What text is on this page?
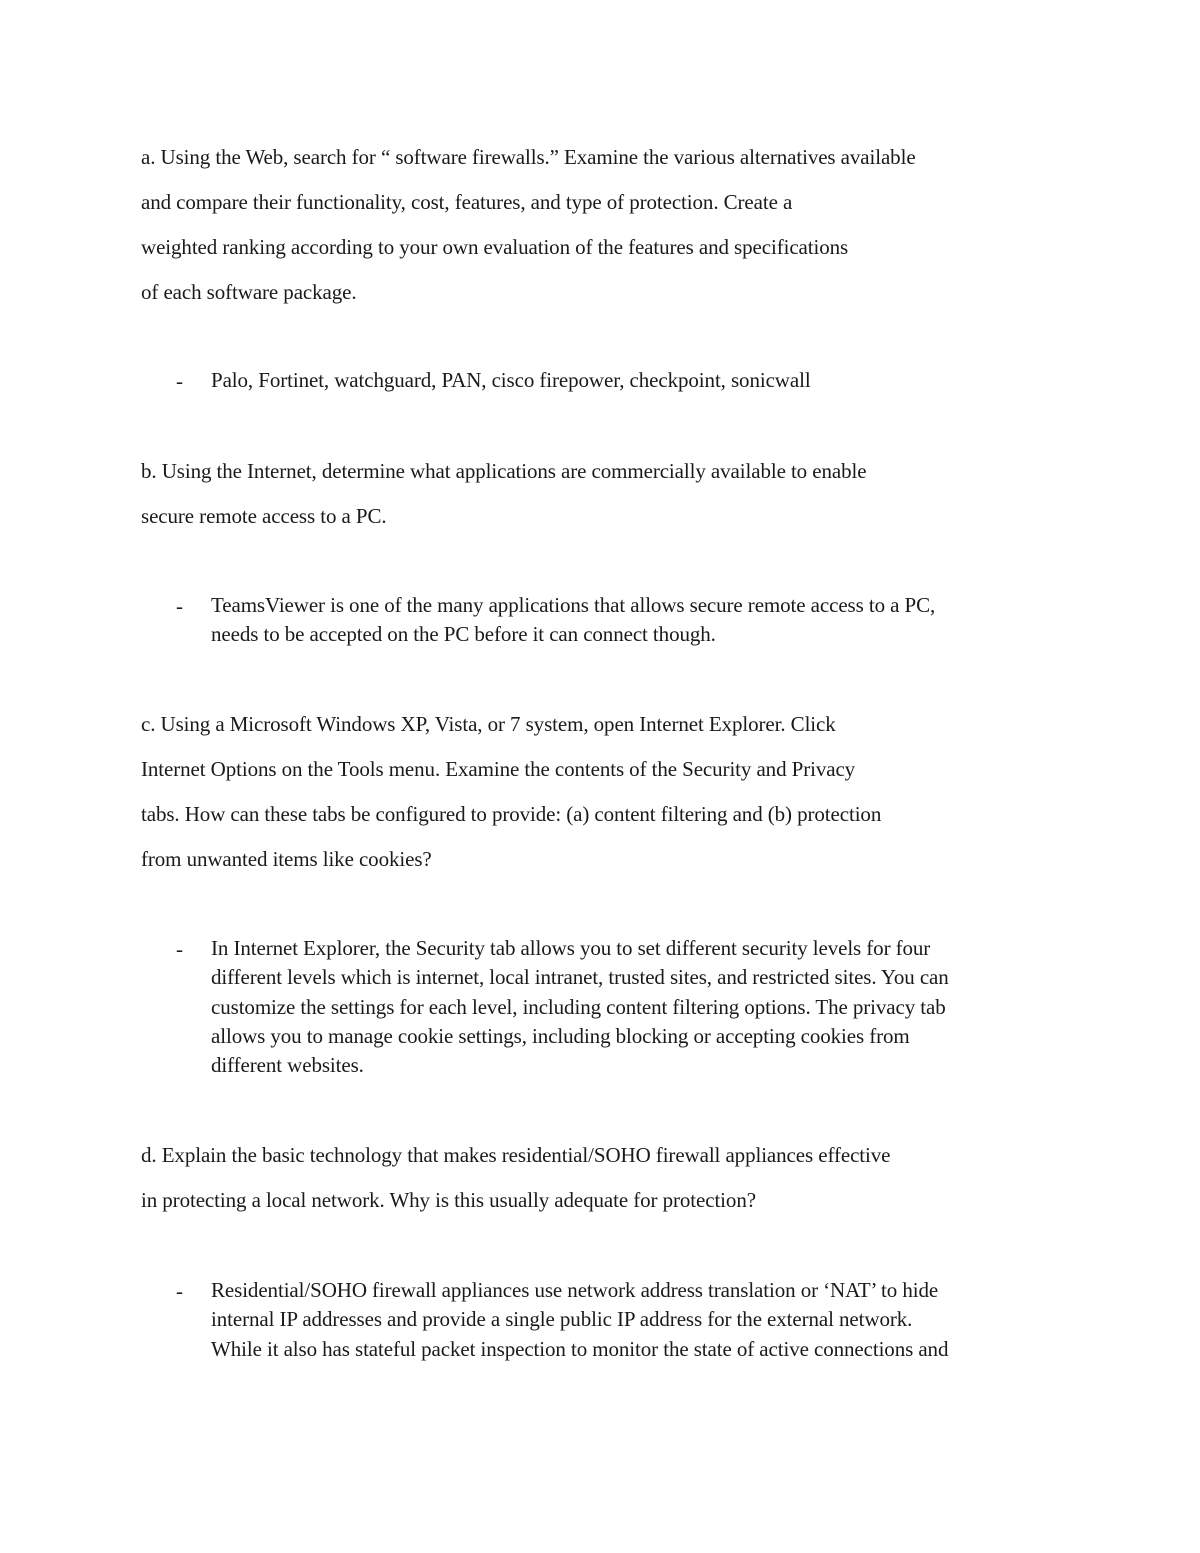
a. Using the Web, search for “ software firewalls.” Examine the various alternatives available
and compare their functionality, cost, features, and type of protection. Create a
weighted ranking according to your own evaluation of the features and specifications
of each software package.
- Palo, Fortinet, watchguard, PAN, cisco firepower, checkpoint, sonicwall
b. Using the Internet, determine what applications are commercially available to enable
secure remote access to a PC.
- TeamsViewer is one of the many applications that allows secure remote access to a PC,
needs to be accepted on the PC before it can connect though.
c. Using a Microsoft Windows XP, Vista, or 7 system, open Internet Explorer. Click
Internet Options on the Tools menu. Examine the contents of the Security and Privacy
tabs. How can these tabs be configured to provide: (a) content filtering and (b) protection
from unwanted items like cookies?
- In Internet Explorer, the Security tab allows you to set different security levels for four
different levels which is internet, local intranet, trusted sites, and restricted sites. You can
customize the settings for each level, including content filtering options. The privacy tab
allows you to manage cookie settings, including blocking or accepting cookies from
different websites.
d. Explain the basic technology that makes residential/SOHO firewall appliances effective
in protecting a local network. Why is this usually adequate for protection?
- Residential/SOHO firewall appliances use network address translation or ‘NAT’ to hide
internal IP addresses and provide a single public IP address for the external network.
While it also has stateful packet inspection to monitor the state of active connections and
